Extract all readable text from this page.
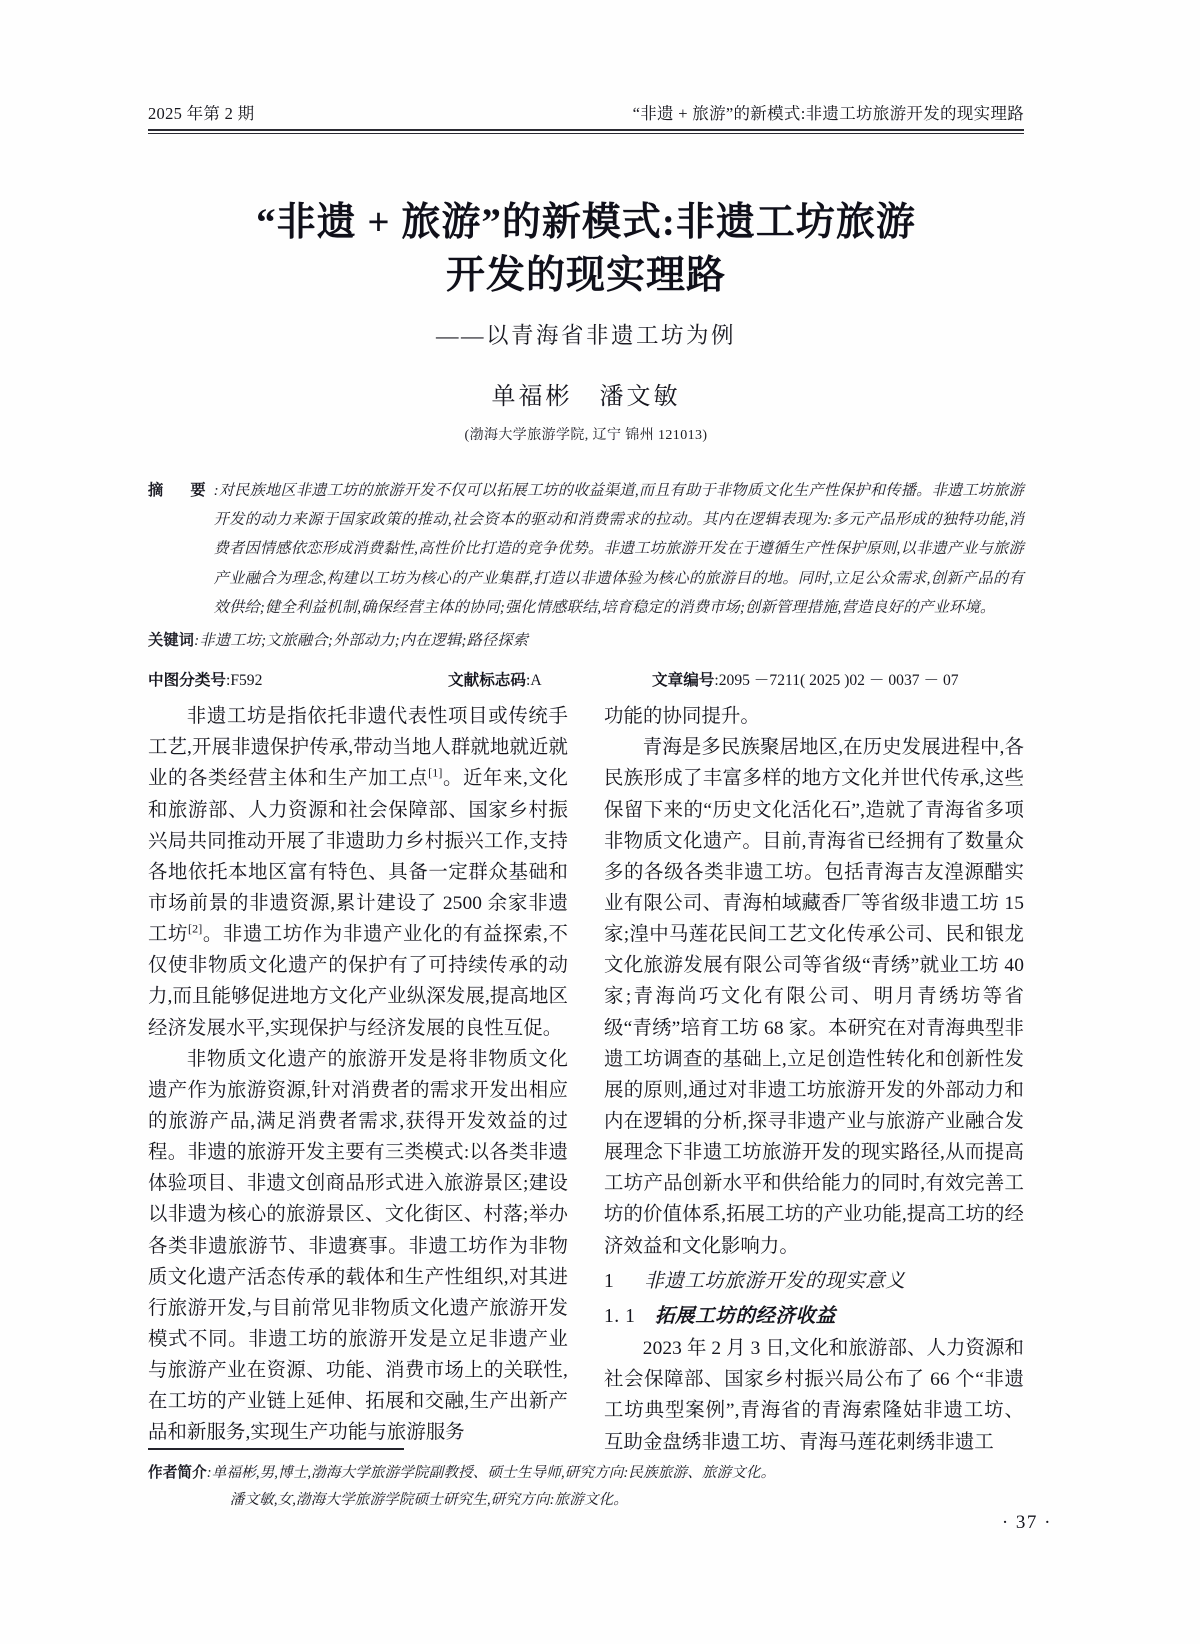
2025 年第 2 期	“非遗 + 旅游”的新模式:非遗工坊旅游开发的现实理路
“非遗 + 旅游”的新模式:非遗工坊旅游
开发的现实理路
——以青海省非遗工坊为例
单福彬　潘文敏
(渤海大学旅游学院, 辽宁 锦州 121013)
摘　要 :对民族地区非遗工坊的旅游开发不仅可以拓展工坊的收益渠道,而且有助于非物质文化生产性保护和传播。非遗工坊旅游开发的动力来源于国家政策的推动,社会资本的驱动和消费需求的拉动。其内在逻辑表现为:多元产品形成的独特功能,消费者因情感依恋形成消费黏性,高性价比打造的竞争优势。非遗工坊旅游开发在于遵循生产性保护原则,以非遗产业与旅游产业融合为理念,构建以工坊为核心的产业集群,打造以非遗体验为核心的旅游目的地。同时,立足公众需求,创新产品的有效供给;健全利益机制,确保经营主体的协同;强化情感联结,培育稳定的消费市场;创新管理措施,营造良好的产业环境。
关键词 :非遗工坊;文旅融合;外部动力;内在逻辑;路径探索
中图分类号:F592	文献标志码:A	文章编号:2095 －7211( 2025 )02 － 0037 － 07

非遗工坊是指依托非遗代表性项目或传统手工艺,开展非遗保护传承,带动当地人群就地就近就业的各类经营主体和生产加工点[1]。近年来,文化和旅游部、人力资源和社会保障部、国家乡村振兴局共同推动开展了非遗助力乡村振兴工作,支持各地依托本地区富有特色、具备一定群众基础和市场前景的非遗资源,累计建设了 2500 余家非遗工坊[2]。非遗工坊作为非遗产业化的有益探索,不仅使非物质文化遗产的保护有了可持续传承的动力,而且能够促进地方文化产业纵深发展,提高地区经济发展水平,实现保护与经济发展的良性互促。

非物质文化遗产的旅游开发是将非物质文化遗产作为旅游资源,针对消费者的需求开发出相应的旅游产品,满足消费者需求,获得开发效益的过程。非遗的旅游开发主要有三类模式:以各类非遗体验项目、非遗文创商品形式进入旅游景区;建设以非遗为核心的旅游景区、文化街区、村落;举办各类非遗旅游节、非遗赛事。非遗工坊作为非物质文化遗产活态传承的载体和生产性组织,对其进行旅游开发,与目前常见非物质文化遗产旅游开发模式不同。非遗工坊的旅游开发是立足非遗产业与旅游产业在资源、功能、消费市场上的关联性,在工坊的产业链上延伸、拓展和交融,生产出新产品和新服务,实现生产功能与旅游服务

功能的协同提升。

青海是多民族聚居地区,在历史发展进程中,各民族形成了丰富多样的地方文化并世代传承,这些保留下来的“历史文化活化石”,造就了青海省多项非物质文化遗产。目前,青海省已经拥有了数量众多的各级各类非遗工坊。包括青海吉友湟源醋实业有限公司、青海柏域藏香厂等省级非遗工坊 15 家;湟中马莲花民间工艺文化传承公司、民和银龙文化旅游发展有限公司等省级“青绣”就业工坊 40 家;青海尚巧文化有限公司、明月青绣坊等省级“青绣”培育工坊 68 家。本研究在对青海典型非遗工坊调查的基础上,立足创造性转化和创新性发展的原则,通过对非遗工坊旅游开发的外部动力和内在逻辑的分析,探寻非遗产业与旅游产业融合发展理念下非遗工坊旅游开发的现实路径,从而提高工坊产品创新水平和供给能力的同时,有效完善工坊的价值体系,拓展工坊的产业功能,提高工坊的经济效益和文化影响力。

1 非遗工坊旅游开发的现实意义
1. 1 拓展工坊的经济收益

2023 年 2 月 3 日,文化和旅游部、人力资源和社会保障部、国家乡村振兴局公布了 66 个“非遗工坊典型案例”,青海省的青海索隆姑非遗工坊、互助金盘绣非遗工坊、青海马莲花刺绣非遗工

作者简介 :单福彬,男,博士,渤海大学旅游学院副教授、硕士生导师,研究方向:民族旅游、旅游文化。
潘文敏,女,渤海大学旅游学院硕士研究生,研究方向:旅游文化。
· 37 ·
